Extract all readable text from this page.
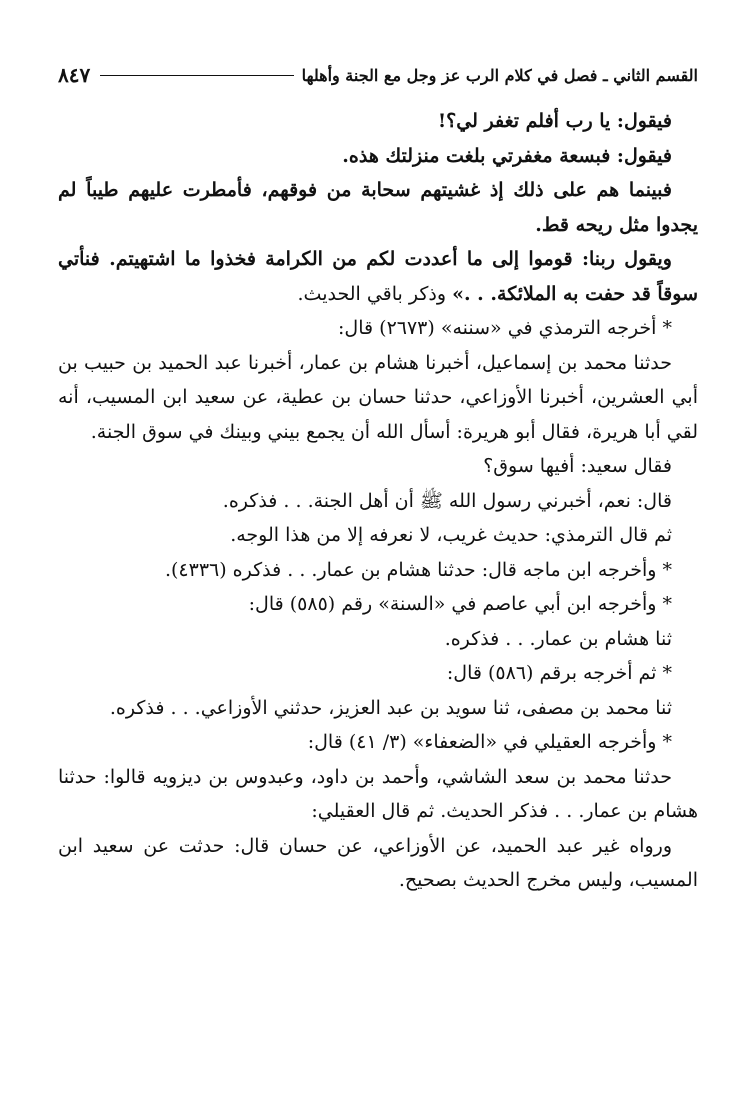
القسم الثاني ـ فصل في كلام الرب عز وجل مع الجنة وأهلها
٨٤٧

فيقول: يا رب أفلم تغفر لي؟!

فيقول: فبسعة مغفرتي بلغت منزلتك هذه.

فبينما هم على ذلك إذ غشيتهم سحابة من فوقهم، فأمطرت عليهم طيباً لم يجدوا مثل ريحه قط.

ويقول ربنا: قوموا إلى ما أعددت لكم من الكرامة فخذوا ما اشتهيتم. فنأتي سوقاً قد حفت به الملائكة. . .» وذكر باقي الحديث.

* أخرجه الترمذي في «سننه» (٢٦٧٣) قال:

حدثنا محمد بن إسماعيل، أخبرنا هشام بن عمار، أخبرنا عبد الحميد بن حبيب بن أبي العشرين، أخبرنا الأوزاعي، حدثنا حسان بن عطية، عن سعيد ابن المسيب، أنه لقي أبا هريرة، فقال أبو هريرة: أسأل الله أن يجمع بيني وبينك في سوق الجنة.

فقال سعيد: أفيها سوق؟

قال: نعم، أخبرني رسول الله ﷺ أن أهل الجنة. . . فذكره.

ثم قال الترمذي: حديث غريب، لا نعرفه إلا من هذا الوجه.

* وأخرجه ابن ماجه قال: حدثنا هشام بن عمار. . . فذكره (٤٣٣٦).

* وأخرجه ابن أبي عاصم في «السنة» رقم (٥٨٥) قال:

ثنا هشام بن عمار. . . فذكره.

* ثم أخرجه برقم (٥٨٦) قال:

ثنا محمد بن مصفى، ثنا سويد بن عبد العزيز، حدثني الأوزاعي. . . فذكره.

* وأخرجه العقيلي في «الضعفاء» (٣/ ٤١) قال:

حدثنا محمد بن سعد الشاشي، وأحمد بن داود، وعبدوس بن ديزويه قالوا: حدثنا هشام بن عمار. . . فذكر الحديث. ثم قال العقيلي:

ورواه غير عبد الحميد، عن الأوزاعي، عن حسان قال: حدثت عن سعيد ابن المسيب، وليس مخرج الحديث بصحيح.
